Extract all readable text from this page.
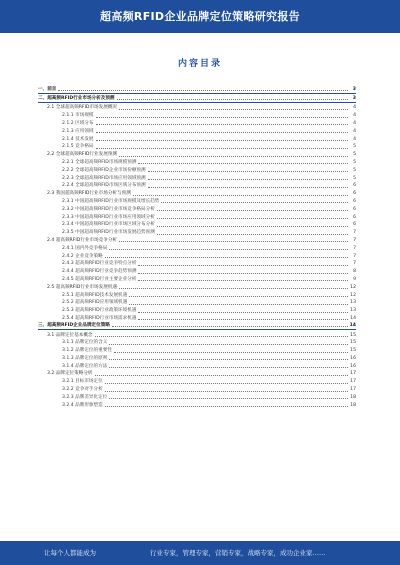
超高频RFID企业品牌定位策略研究报告
内容目录
一、前言	3
二、超高频RFID行业市场分析及预测	3
2.1 全球超高频RFID市场发展概况	4
2.1.1 市场规模	4
2.1.2 区域分布	4
2.1.3 应用领域	4
2.1.4 技术发展	4
2.1.5 竞争格局	5
2.2 全球超高频RFID行业发展预测	5
2.2.1 全球超高频RFID市场规模预测	5
2.2.2 全球超高频RFID企业市场份额预测	5
2.2.3 全球超高频RFID市场应用领域预测	5
2.2.4 全球超高频RFID市场区域分布预测	6
2.3 我国超高频RFID行业市场分析与预测	6
2.3.1 中国超高频RFID行业市场规模及增长趋势	6
2.3.2 中国超高频RFID行业市场竞争格局分析	6
2.3.3 中国超高频RFID行业市场应用领域分析	6
2.3.4 中国超高频RFID行业市场区域分布分析	6
2.3.5 中国超高频RFID行业市场发展趋势预测	7
2.4 超高频RFID行业市场竞争分析	7
2.4.1 国内外竞争格局	7
2.4.2 企业竞争策略	7
2.4.3 超高频RFID行业竞争特点分析	7
2.4.4 超高频RFID行业竞争趋势预测	8
2.4.5 超高频RFID行业主要企业分析	9
2.5 超高频RFID行业市场发展机遇	12
2.5.1 超高频RFID技术发展机遇	12
2.5.2 超高频RFID应用领域机遇	13
2.5.3 超高频RFID行业政策环境机遇	13
2.5.4 超高频RFID行业市场需求机遇	14
三、超高频RFID企业品牌定位策略	14
3.1 品牌定位基本概念	15
3.1.1 品牌定位的含义	15
3.1.2 品牌定位的重要性	15
3.1.3 品牌定位的原则	16
3.1.4 品牌定位的方法	16
3.2 品牌定位策略分析	17
3.2.1 目标市场定位	17
3.2.2 竞争对手分析	17
3.2.3 品牌差异化定位	18
3.2.4 品牌形象塑造	18
让每个人都能成为	行业专家，管理专家，营销专家，战略专家，成功企业家……
